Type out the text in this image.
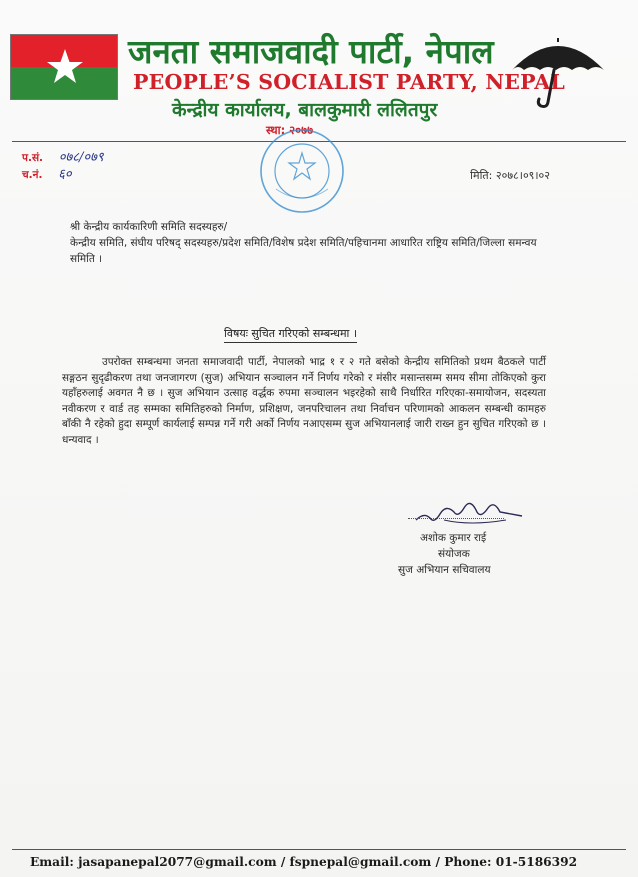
जनता समाजवादी पार्टी, नेपाल
PEOPLE’S SOCIALIST PARTY, NEPAL
केन्द्रीय कार्यालय, बालकुमारी ललितपुर
स्था: २०७७
प.सं. ०७८/०७९
च.नं. ६०	मिति: २०७८।०९।०२
श्री केन्द्रीय कार्यकारिणी समिति सदस्यहरु/
केन्द्रीय समिति, संघीय परिषद् सदस्यहरु/प्रदेश समिति/विशेष प्रदेश समिति/पहिचानमा आधारित राष्ट्रिय समिति/जिल्ला समन्वय समिति ।
विषयः सुचित गरिएको सम्बन्धमा ।
उपरोक्त सम्बन्धमा जनता समाजवादी पार्टी, नेपालको भाद्र १ र २ गते बसेको केन्द्रीय समितिको प्रथम बैठकले पार्टी सङ्गठन सुदृढीकरण तथा जनजागरण (सुज) अभियान सञ्चालन गर्ने निर्णय गरेको र मंसीर मसान्तसम्म समय सीमा तोकिएको कुरा यहाँहरुलाई अवगत नै छ । सुज अभियान उत्साह वर्द्धक रुपमा सञ्चालन भइरहेको साथै निर्धारित गरिएका-समायोजन, सदस्यता नवीकरण र वार्ड तह सम्मका समितिहरुको निर्माण, प्रशिक्षण, जनपरिचालन तथा निर्वाचन परिणामको आकलन सम्बन्धी कामहरु बाँकी नै रहेको हुदा सम्पूर्ण कार्यलाई सम्पन्न गर्ने गरी अर्को निर्णय नआएसम्म सुज अभियानलाई जारी राख्न हुन सुचित गरिएको छ । धन्यवाद ।
अशोक कुमार राई
संयोजक
सुज अभियान सचिवालय
Email: jasapanepal2077@gmail.com / fspnepal@gmail.com / Phone: 01-5186392
